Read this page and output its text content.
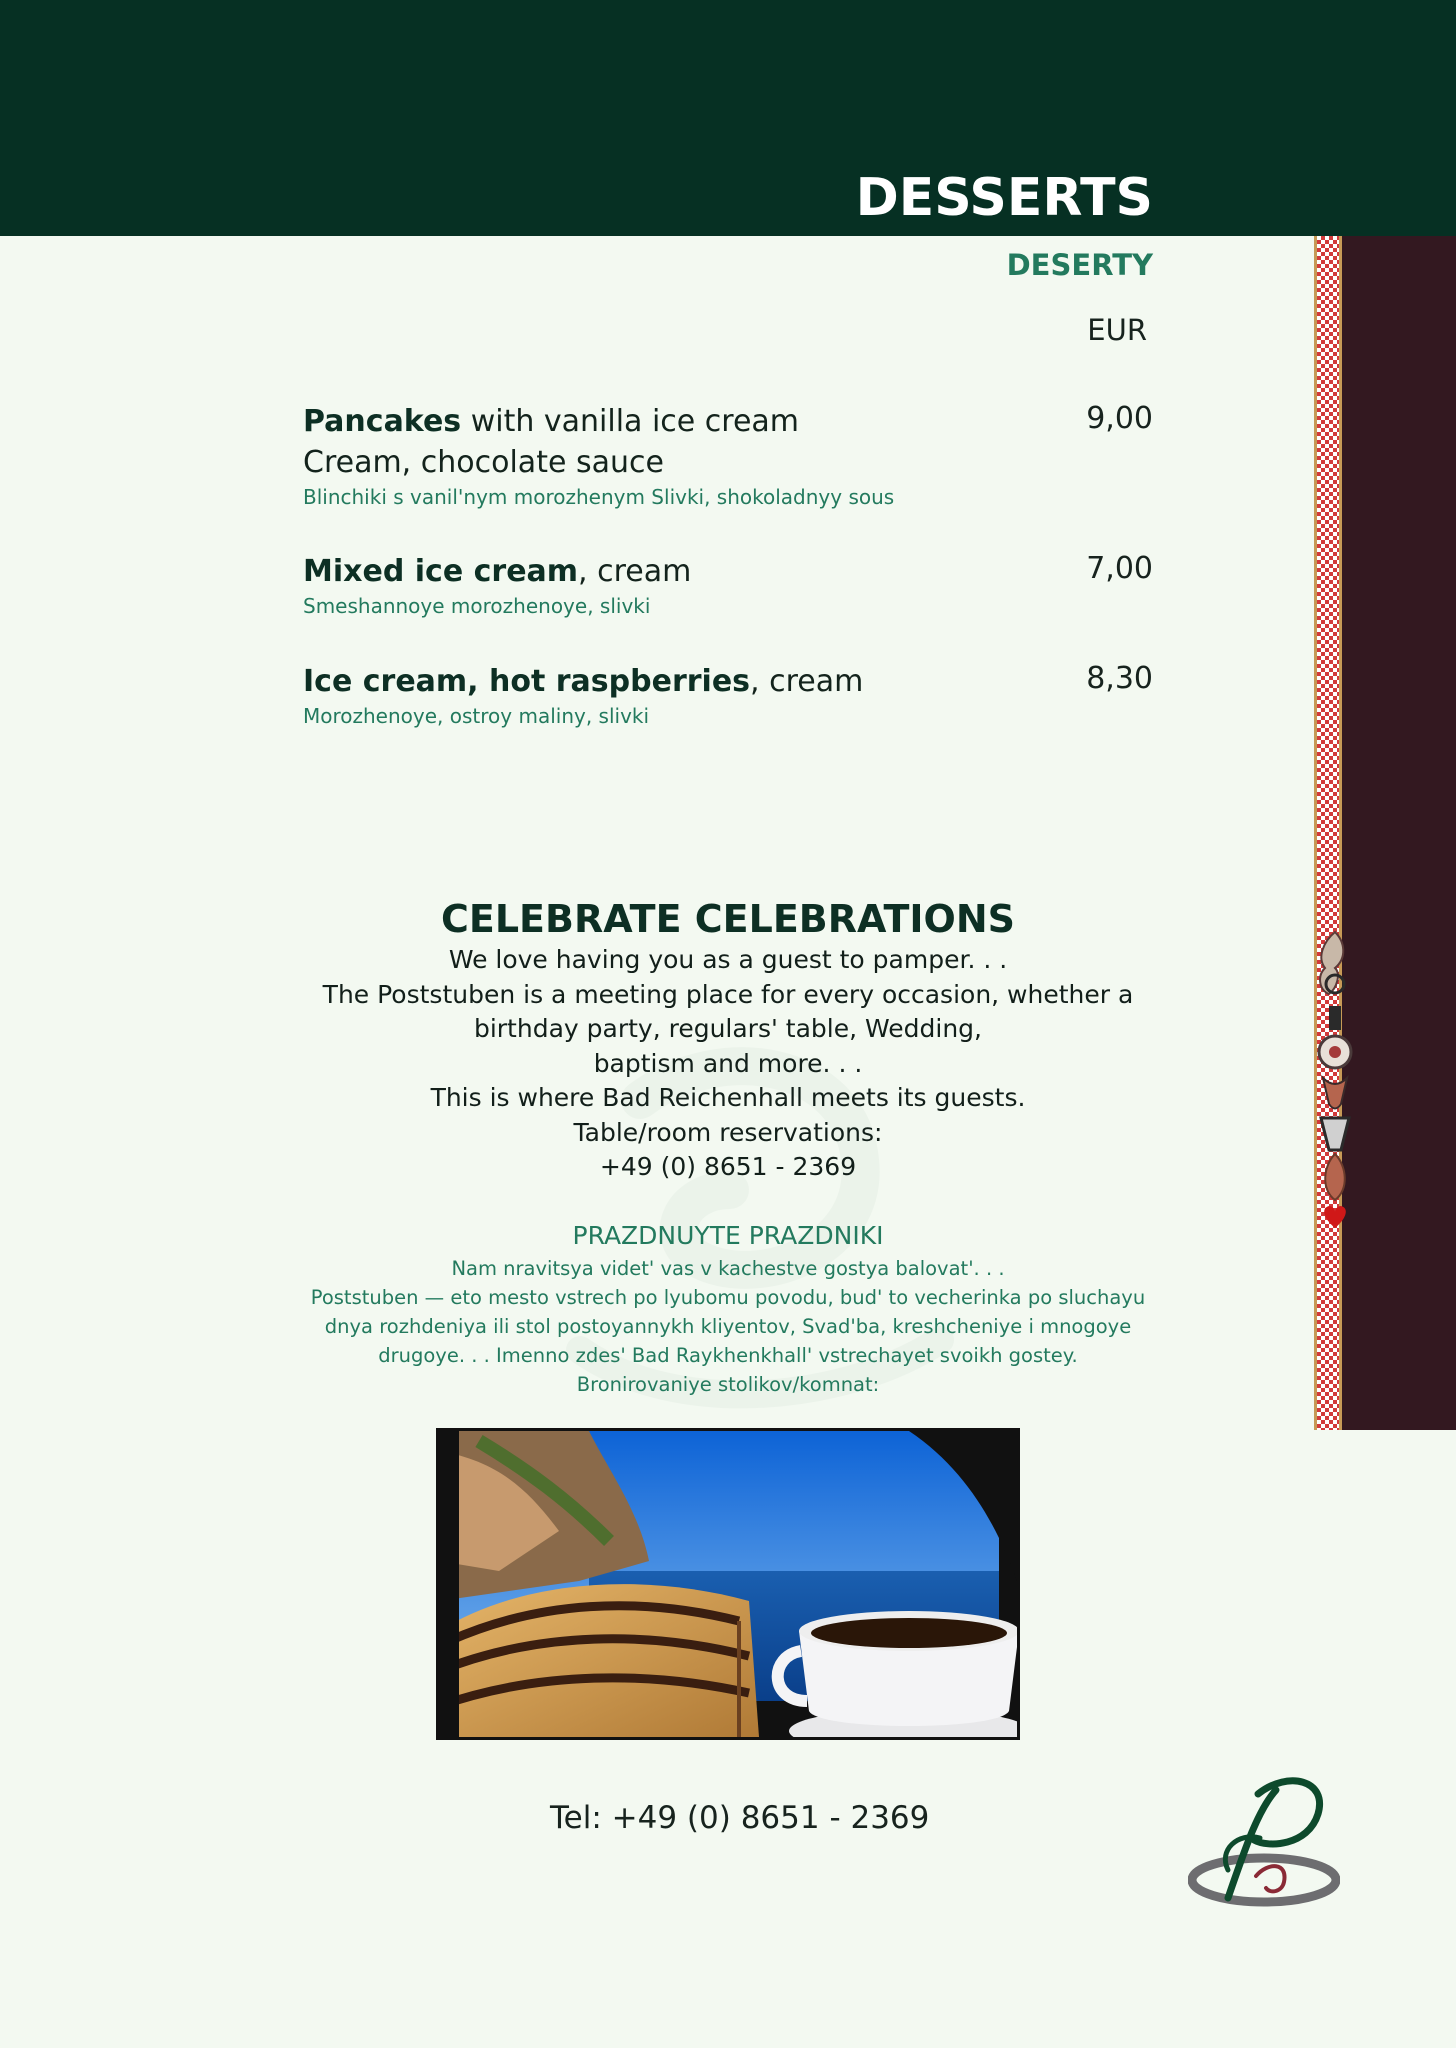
DESSERTS
DESERTY
EUR
Pancakes with vanilla ice cream
Cream, chocolate sauce
Blinchiki s vanil'nym morozhenym Slivki, shokoladnyy sous
9,00
Mixed ice cream, cream
Smeshannoye morozhenoye, slivki
7,00
Ice cream, hot raspberries, cream
Morozhenoye, ostroy maliny, slivki
8,30
CELEBRATE CELEBRATIONS
We love having you as a guest to pamper. . .
The Poststuben is a meeting place for every occasion, whether a
birthday party, regulars' table, Wedding,
baptism and more. . .
This is where Bad Reichenhall meets its guests.
Table/room reservations:
+49 (0) 8651 - 2369
PRAZDNUYTE PRAZDNIKI
Nam nravitsya videt' vas v kachestve gostya balovat'. . .
Poststuben — eto mesto vstrech po lyubomu povodu, bud' to vecherinka po sluchayu
dnya rozhdeniya ili stol postoyannykh kliyentov, Svad'ba, kreshcheniye i mnogoye
drugoye. . . Imenno zdes' Bad Raykhenkhall' vstrechayet svoikh gostey.
Bronirovaniye stolikov/komnat:
Tel: +49 (0) 8651 - 2369
